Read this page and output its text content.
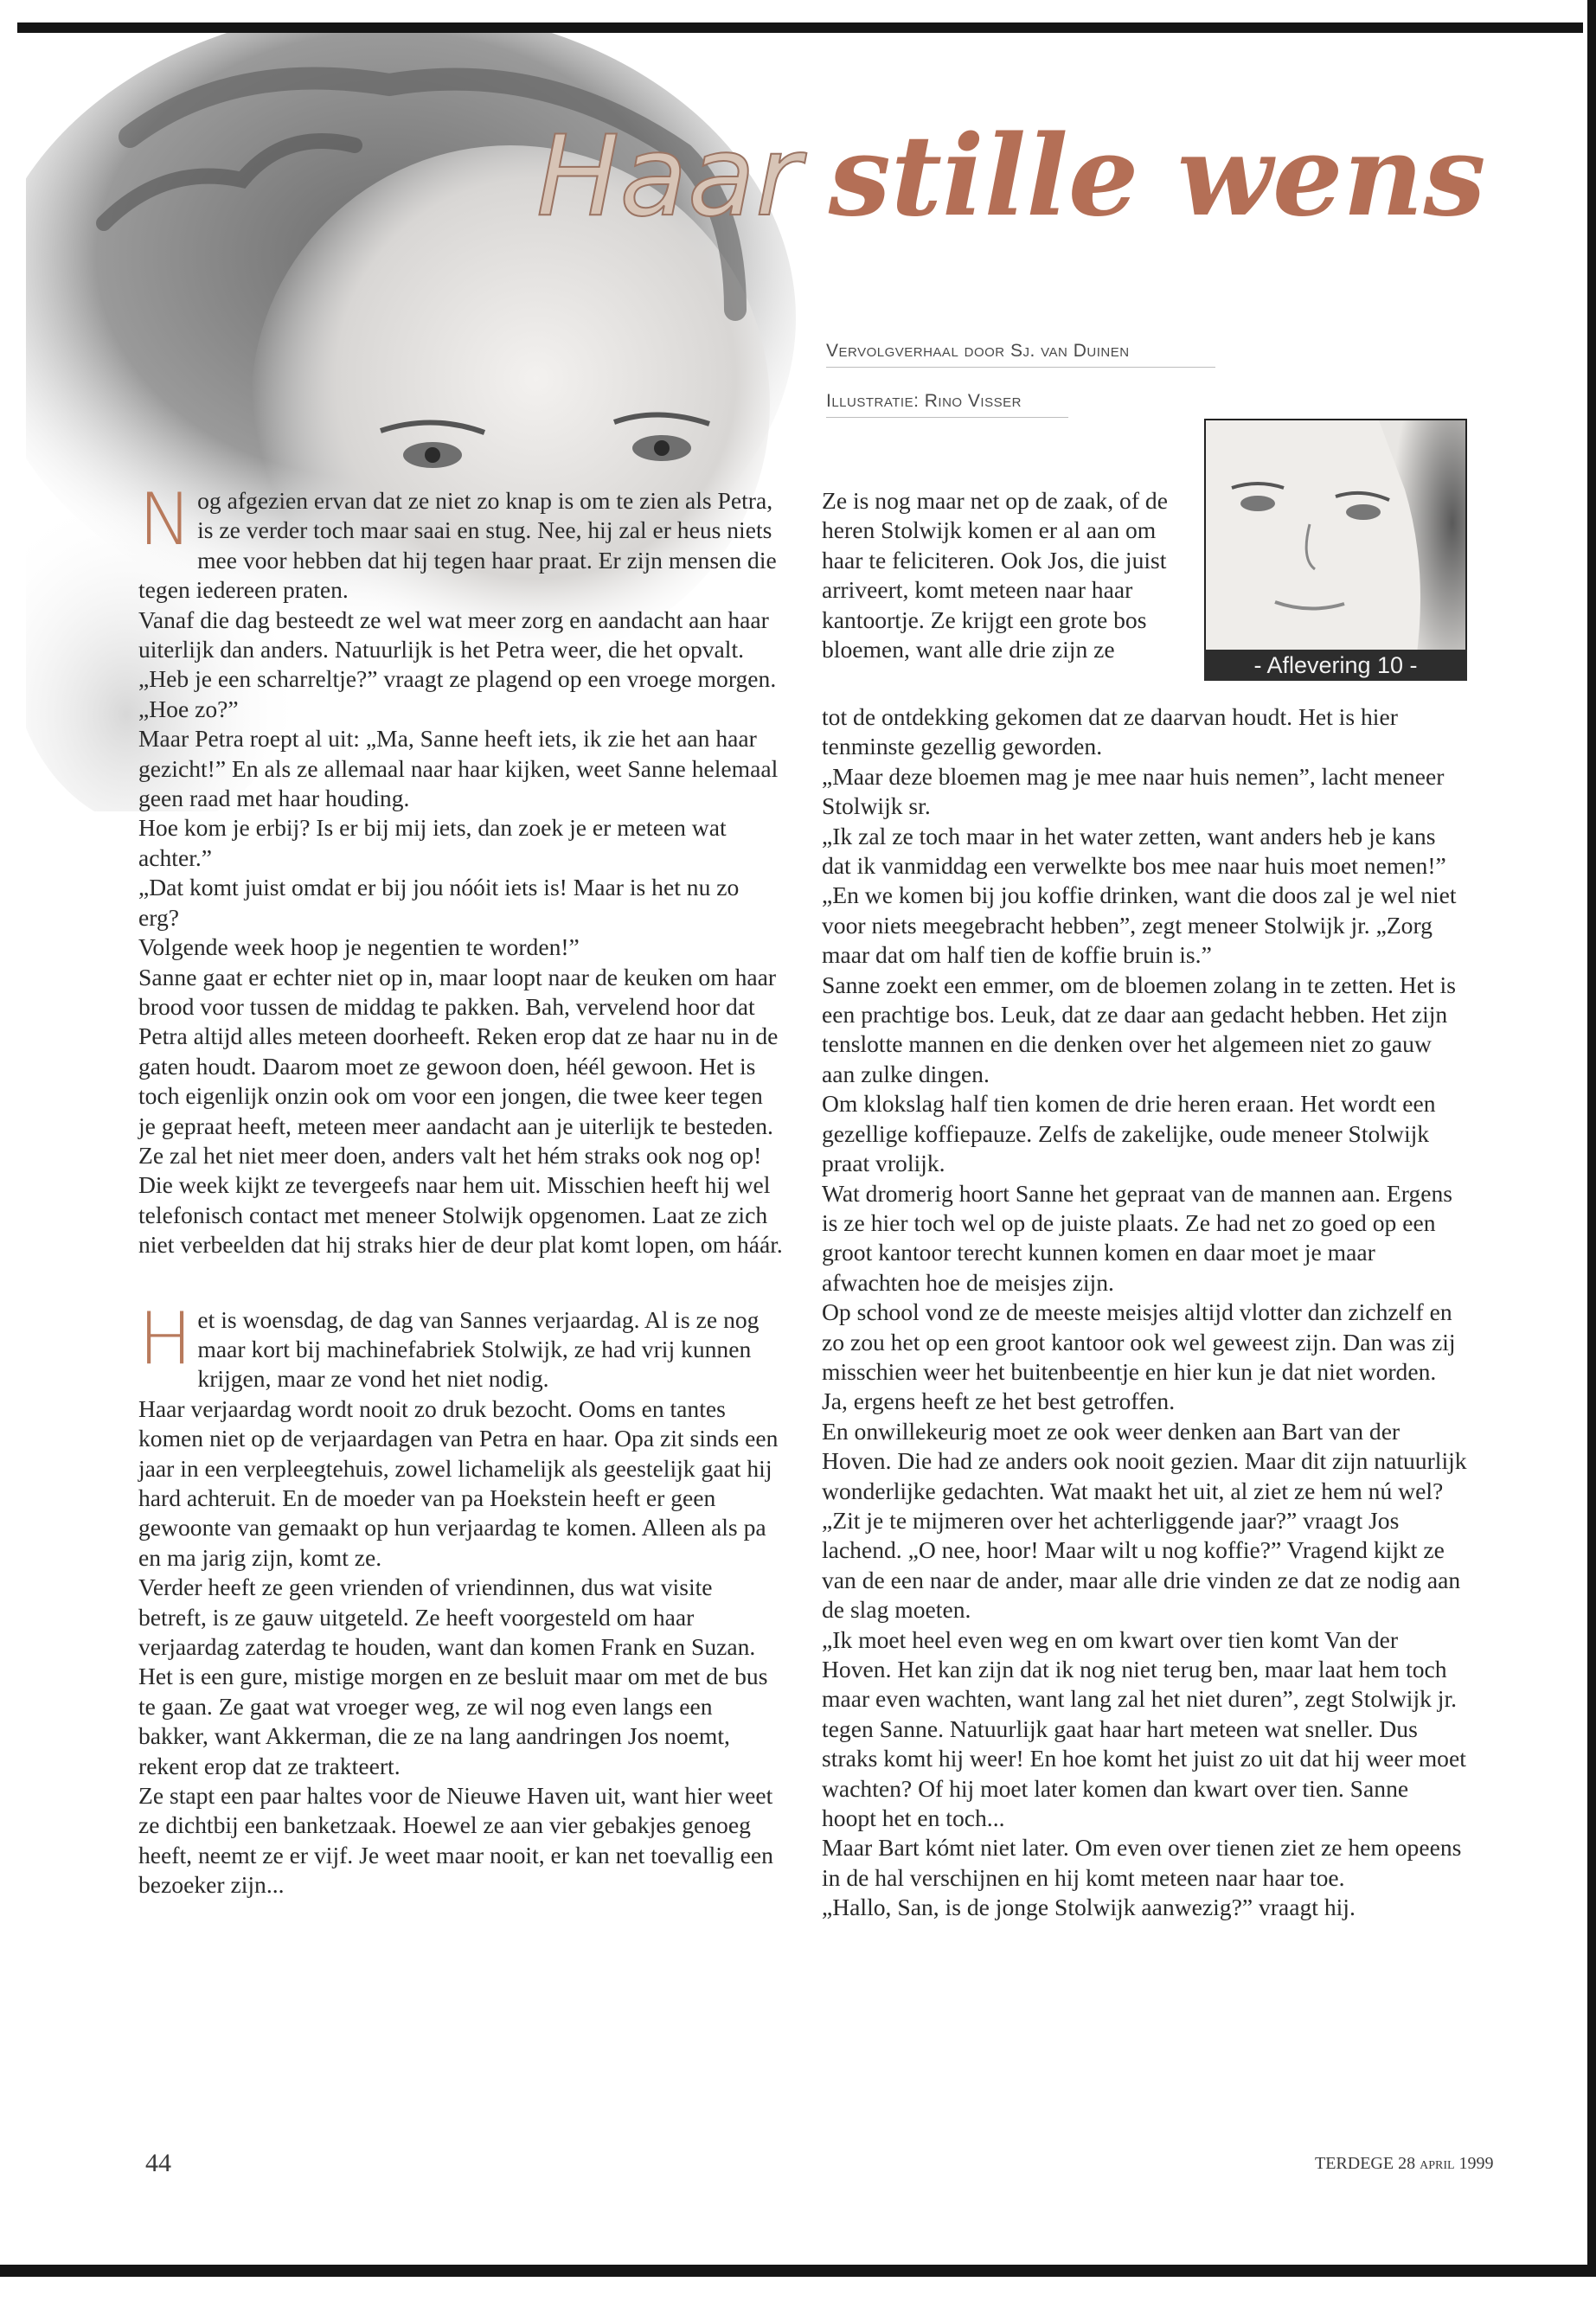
Haar stille wens
Vervolgverhaal door Sj. van Duinen
Illustratie: Rino Visser
- Aflevering 10 -

Nog afgezien ervan dat ze niet zo knap is om te zien als Petra, is ze verder toch maar saai en stug. Nee, hij zal er heus niets mee voor hebben dat hij tegen haar praat. Er zijn mensen die tegen iedereen praten.

Vanaf die dag besteedt ze wel wat meer zorg en aandacht aan haar uiterlijk dan anders. Natuurlijk is het Petra weer, die het opvalt.

„Heb je een scharreltje?” vraagt ze plagend op een vroege morgen.

„Hoe zo?”

Maar Petra roept al uit: „Ma, Sanne heeft iets, ik zie het aan haar gezicht!” En als ze allemaal naar haar kijken, weet Sanne helemaal geen raad met haar houding.

Hoe kom je erbij? Is er bij mij iets, dan zoek je er meteen wat achter.”

„Dat komt juist omdat er bij jou nóóit iets is! Maar is het nu zo erg?

Volgende week hoop je negentien te worden!”

Sanne gaat er echter niet op in, maar loopt naar de keuken om haar brood voor tussen de middag te pakken. Bah, vervelend hoor dat Petra altijd alles meteen doorheeft. Reken erop dat ze haar nu in de gaten houdt. Daarom moet ze gewoon doen, héél gewoon. Het is toch eigenlijk onzin ook om voor een jongen, die twee keer tegen je gepraat heeft, meteen meer aandacht aan je uiterlijk te besteden. Ze zal het niet meer doen, anders valt het hém straks ook nog op!

Die week kijkt ze tevergeefs naar hem uit. Misschien heeft hij wel telefonisch contact met meneer Stolwijk opgenomen. Laat ze zich niet verbeelden dat hij straks hier de deur plat komt lopen, om háár.

Het is woensdag, de dag van Sannes verjaardag. Al is ze nog maar kort bij machinefabriek Stolwijk, ze had vrij kunnen krijgen, maar ze vond het niet nodig.

Haar verjaardag wordt nooit zo druk bezocht. Ooms en tantes komen niet op de verjaardagen van Petra en haar. Opa zit sinds een jaar in een verpleegtehuis, zowel lichamelijk als geestelijk gaat hij hard achteruit. En de moeder van pa Hoekstein heeft er geen gewoonte van gemaakt op hun verjaardag te komen. Alleen als pa en ma jarig zijn, komt ze.

Verder heeft ze geen vrienden of vriendinnen, dus wat visite betreft, is ze gauw uitgeteld. Ze heeft voorgesteld om haar verjaardag zaterdag te houden, want dan komen Frank en Suzan.

Het is een gure, mistige morgen en ze besluit maar om met de bus te gaan. Ze gaat wat vroeger weg, ze wil nog even langs een bakker, want Akkerman, die ze na lang aandringen Jos noemt, rekent erop dat ze trakteert.

Ze stapt een paar haltes voor de Nieuwe Haven uit, want hier weet ze dichtbij een banketzaak. Hoewel ze aan vier gebakjes genoeg heeft, neemt ze er vijf. Je weet maar nooit, er kan net toevallig een bezoeker zijn...

Ze is nog maar net op de zaak, of de heren Stolwijk komen er al aan om haar te feliciteren. Ook Jos, die juist arriveert, komt meteen naar haar kantoortje. Ze krijgt een grote bos bloemen, want alle drie zijn ze

tot de ontdekking gekomen dat ze daarvan houdt. Het is hier tenminste gezellig geworden.

„Maar deze bloemen mag je mee naar huis nemen”, lacht meneer Stolwijk sr.

„Ik zal ze toch maar in het water zetten, want anders heb je kans dat ik vanmiddag een verwelkte bos mee naar huis moet nemen!”

„En we komen bij jou koffie drinken, want die doos zal je wel niet voor niets meegebracht hebben”, zegt meneer Stolwijk jr. „Zorg maar dat om half tien de koffie bruin is.”

Sanne zoekt een emmer, om de bloemen zolang in te zetten. Het is een prachtige bos. Leuk, dat ze daar aan gedacht hebben. Het zijn tenslotte mannen en die denken over het algemeen niet zo gauw aan zulke dingen.

Om klokslag half tien komen de drie heren eraan. Het wordt een gezellige koffiepauze. Zelfs de zakelijke, oude meneer Stolwijk praat vrolijk.

Wat dromerig hoort Sanne het gepraat van de mannen aan. Ergens is ze hier toch wel op de juiste plaats. Ze had net zo goed op een groot kantoor terecht kunnen komen en daar moet je maar afwachten hoe de meisjes zijn.

Op school vond ze de meeste meisjes altijd vlotter dan zichzelf en zo zou het op een groot kantoor ook wel geweest zijn. Dan was zij misschien weer het buitenbeentje en hier kun je dat niet worden. Ja, ergens heeft ze het best getroffen.

En onwillekeurig moet ze ook weer denken aan Bart van der Hoven. Die had ze anders ook nooit gezien. Maar dit zijn natuurlijk wonderlijke gedachten. Wat maakt het uit, al ziet ze hem nú wel?

„Zit je te mijmeren over het achterliggende jaar?” vraagt Jos lachend. „O nee, hoor! Maar wilt u nog koffie?” Vragend kijkt ze van de een naar de ander, maar alle drie vinden ze dat ze nodig aan de slag moeten.

„Ik moet heel even weg en om kwart over tien komt Van der Hoven. Het kan zijn dat ik nog niet terug ben, maar laat hem toch maar even wachten, want lang zal het niet duren”, zegt Stolwijk jr. tegen Sanne. Natuurlijk gaat haar hart meteen wat sneller. Dus straks komt hij weer! En hoe komt het juist zo uit dat hij weer moet wachten? Of hij moet later komen dan kwart over tien. Sanne hoopt het en toch...

Maar Bart kómt niet later. Om even over tienen ziet ze hem opeens in de hal verschijnen en hij komt meteen naar haar toe.

„Hallo, San, is de jonge Stolwijk aanwezig?” vraagt hij.

44	TERDEGE 28 april 1999
